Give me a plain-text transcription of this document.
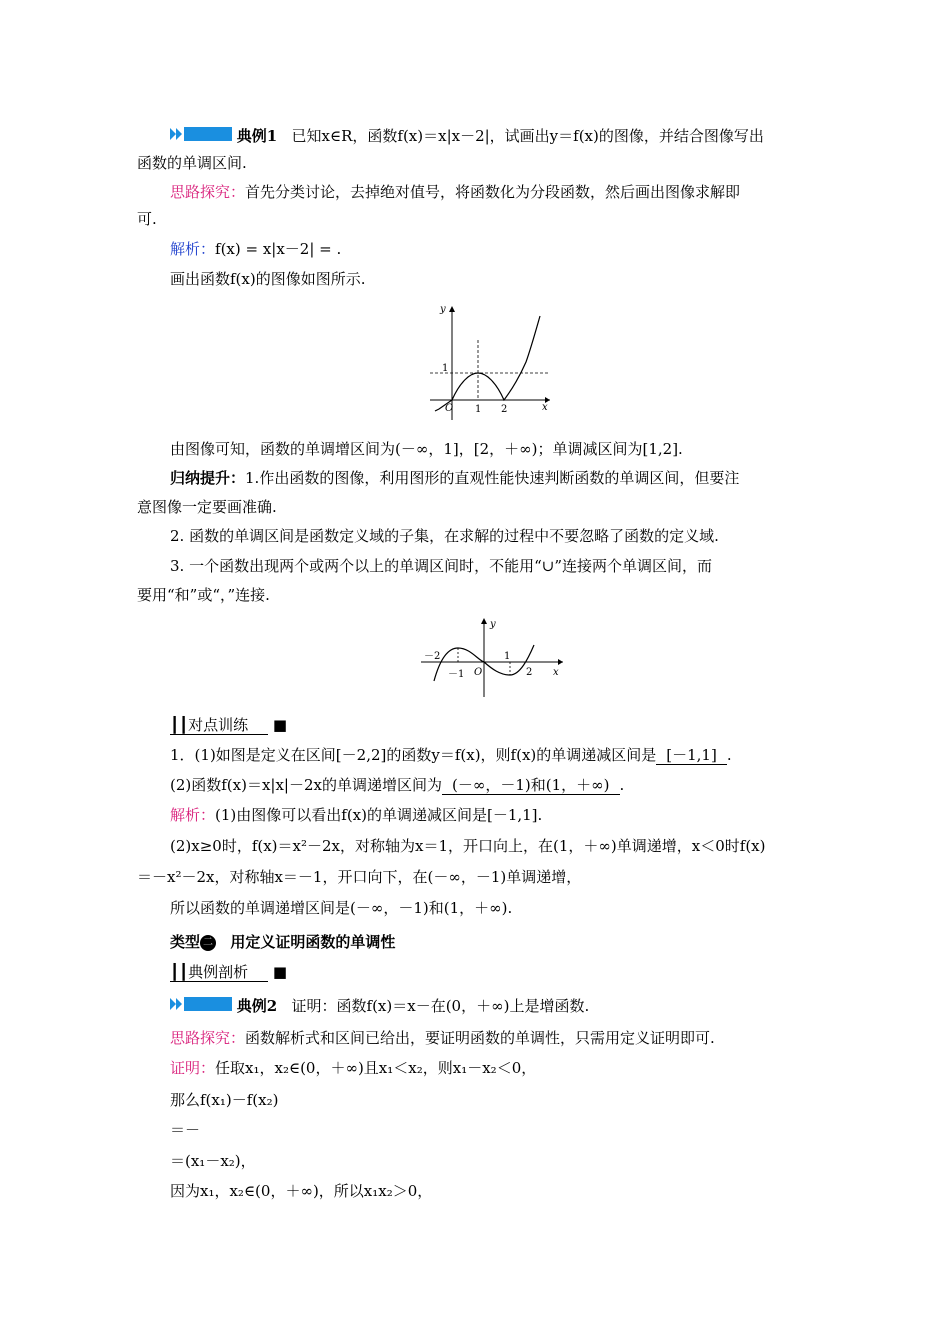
典例1 已知x∈R，函数f(x)＝x|x－2|，试画出y＝f(x)的图像，并结合图像写出
函数的单调区间.
思路探究：首先分类讨论，去掉绝对值号，将函数化为分段函数，然后画出图像求解即
可.
解析：f(x) = x|x－2| = .
画出函数f(x)的图像如图所示.
y
x
O 1 2
1
由图像可知，函数的单调增区间为(－∞，1]，[2，＋∞)；单调减区间为[1,2].
归纳提升：1.作出函数的图像，利用图形的直观性能快速判断函数的单调区间，但要注
意图像一定要画准确.
2. 函数的单调区间是函数定义域的子集，在求解的过程中不要忽略了函数的定义域.
3. 一个函数出现两个或两个以上的单调区间时，不能用“∪”连接两个单调区间，而
要用“和”或“，”连接.
y
x
O
－2
－1
1
2
┃┃对点训练 ■
1．(1)如图是定义在区间[－2,2]的函数y＝f(x)，则f(x)的单调递减区间是 [－1,1] .
(2)函数f(x)＝x|x|－2x的单调递增区间为 (－∞，－1)和(1，＋∞) .
解析：(1)由图像可以看出f(x)的单调递减区间是[－1,1].
(2)x≥0时，f(x)＝x²－2x，对称轴为x＝1，开口向上，在(1，＋∞)单调递增，x＜0时f(x)
＝－x²－2x，对称轴x＝－1，开口向下，在(－∞，－1)单调递增，
所以函数的单调递增区间是(－∞，－1)和(1，＋∞).
类型 二 用定义证明函数的单调性
┃┃典例剖析 ■
典例2 证明：函数f(x)＝x－在(0，＋∞)上是增函数.
思路探究：函数解析式和区间已给出，要证明函数的单调性，只需用定义证明即可.
证明：任取x₁，x₂∈(0，＋∞)且x₁＜x₂，则x₁－x₂＜0，
那么f(x₁)－f(x₂)
＝－
＝(x₁－x₂)，
因为x₁，x₂∈(0，＋∞)，所以x₁x₂＞0，
